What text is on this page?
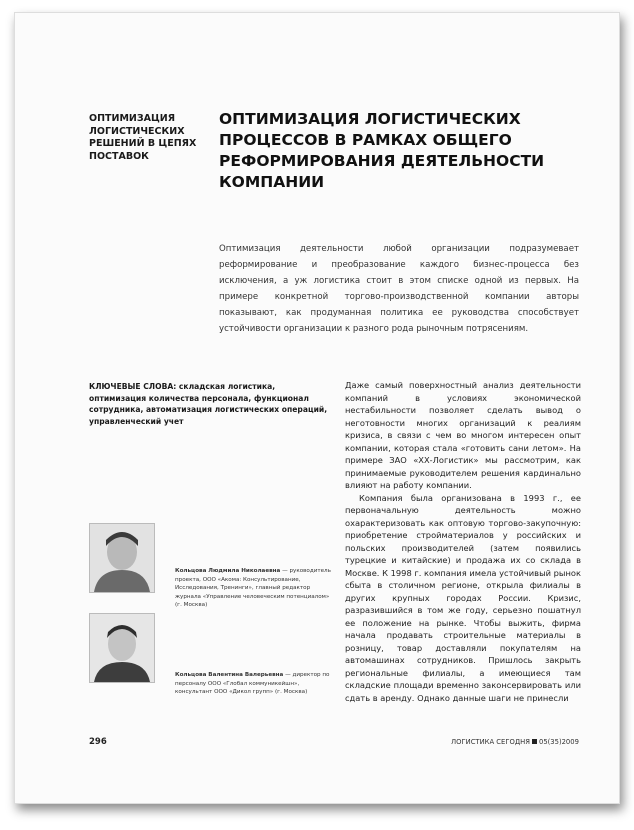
ОПТИМИЗАЦИЯ ЛОГИСТИЧЕСКИХ РЕШЕНИЙ В ЦЕПЯХ ПОСТАВОК
ОПТИМИЗАЦИЯ ЛОГИСТИЧЕСКИХ ПРОЦЕССОВ В РАМКАХ ОБЩЕГО РЕФОРМИРОВАНИЯ ДЕЯТЕЛЬНОСТИ КОМПАНИИ

Оптимизация деятельности любой организации подразумевает реформирование и преобразование каждого бизнес-процесса без исключения, а уж логистика стоит в этом списке одной из первых. На примере конкретной торгово-производственной компании авторы показывают, как продуманная политика ее руководства способствует устойчивости организации к разного рода рыночным потрясениям.

КЛЮЧЕВЫЕ СЛОВА: складская логистика, оптимизация количества персонала, функционал сотрудника, автоматизация логистических операций, управленческий учет

Кольцова Людмила Николаевна — руководитель проекта, ООО «Акома: Консультирование, Исследования, Тренинги», главный редактор журнала «Управление человеческим потенциалом» (г. Москва)

Кольцова Валентина Валерьевна — директор по персоналу ООО «Глобал коммуникейшн», консультант ООО «Дикол групп» (г. Москва)

Даже самый поверхностный анализ деятельности компаний в условиях экономической нестабильности позволяет сделать вывод о неготовности многих организаций к реалиям кризиса, в связи с чем во многом интересен опыт компании, которая стала «готовить сани летом». На примере ЗАО «ХХ-Логистик» мы рассмотрим, как принимаемые руководителем решения кардинально влияют на работу компании.

Компания была организована в 1993 г., ее первоначальную деятельность можно охарактеризовать как оптовую торгово-закупочную: приобретение стройматериалов у российских и польских производителей (затем появились турецкие и китайские) и продажа их со склада в Москве. К 1998 г. компания имела устойчивый рынок сбыта в столичном регионе, открыла филиалы в других крупных городах России. Кризис, разразившийся в том же году, серьезно пошатнул ее положение на рынке. Чтобы выжить, фирма начала продавать строительные материалы в розницу, товар доставляли покупателям на автомашинах сотрудников. Пришлось закрыть региональные филиалы, а имеющиеся там складские площади временно законсервировать или сдать в аренду. Однако данные шаги не принесли

296	ЛОГИСТИКА СЕГОДНЯ 05(35)2009
